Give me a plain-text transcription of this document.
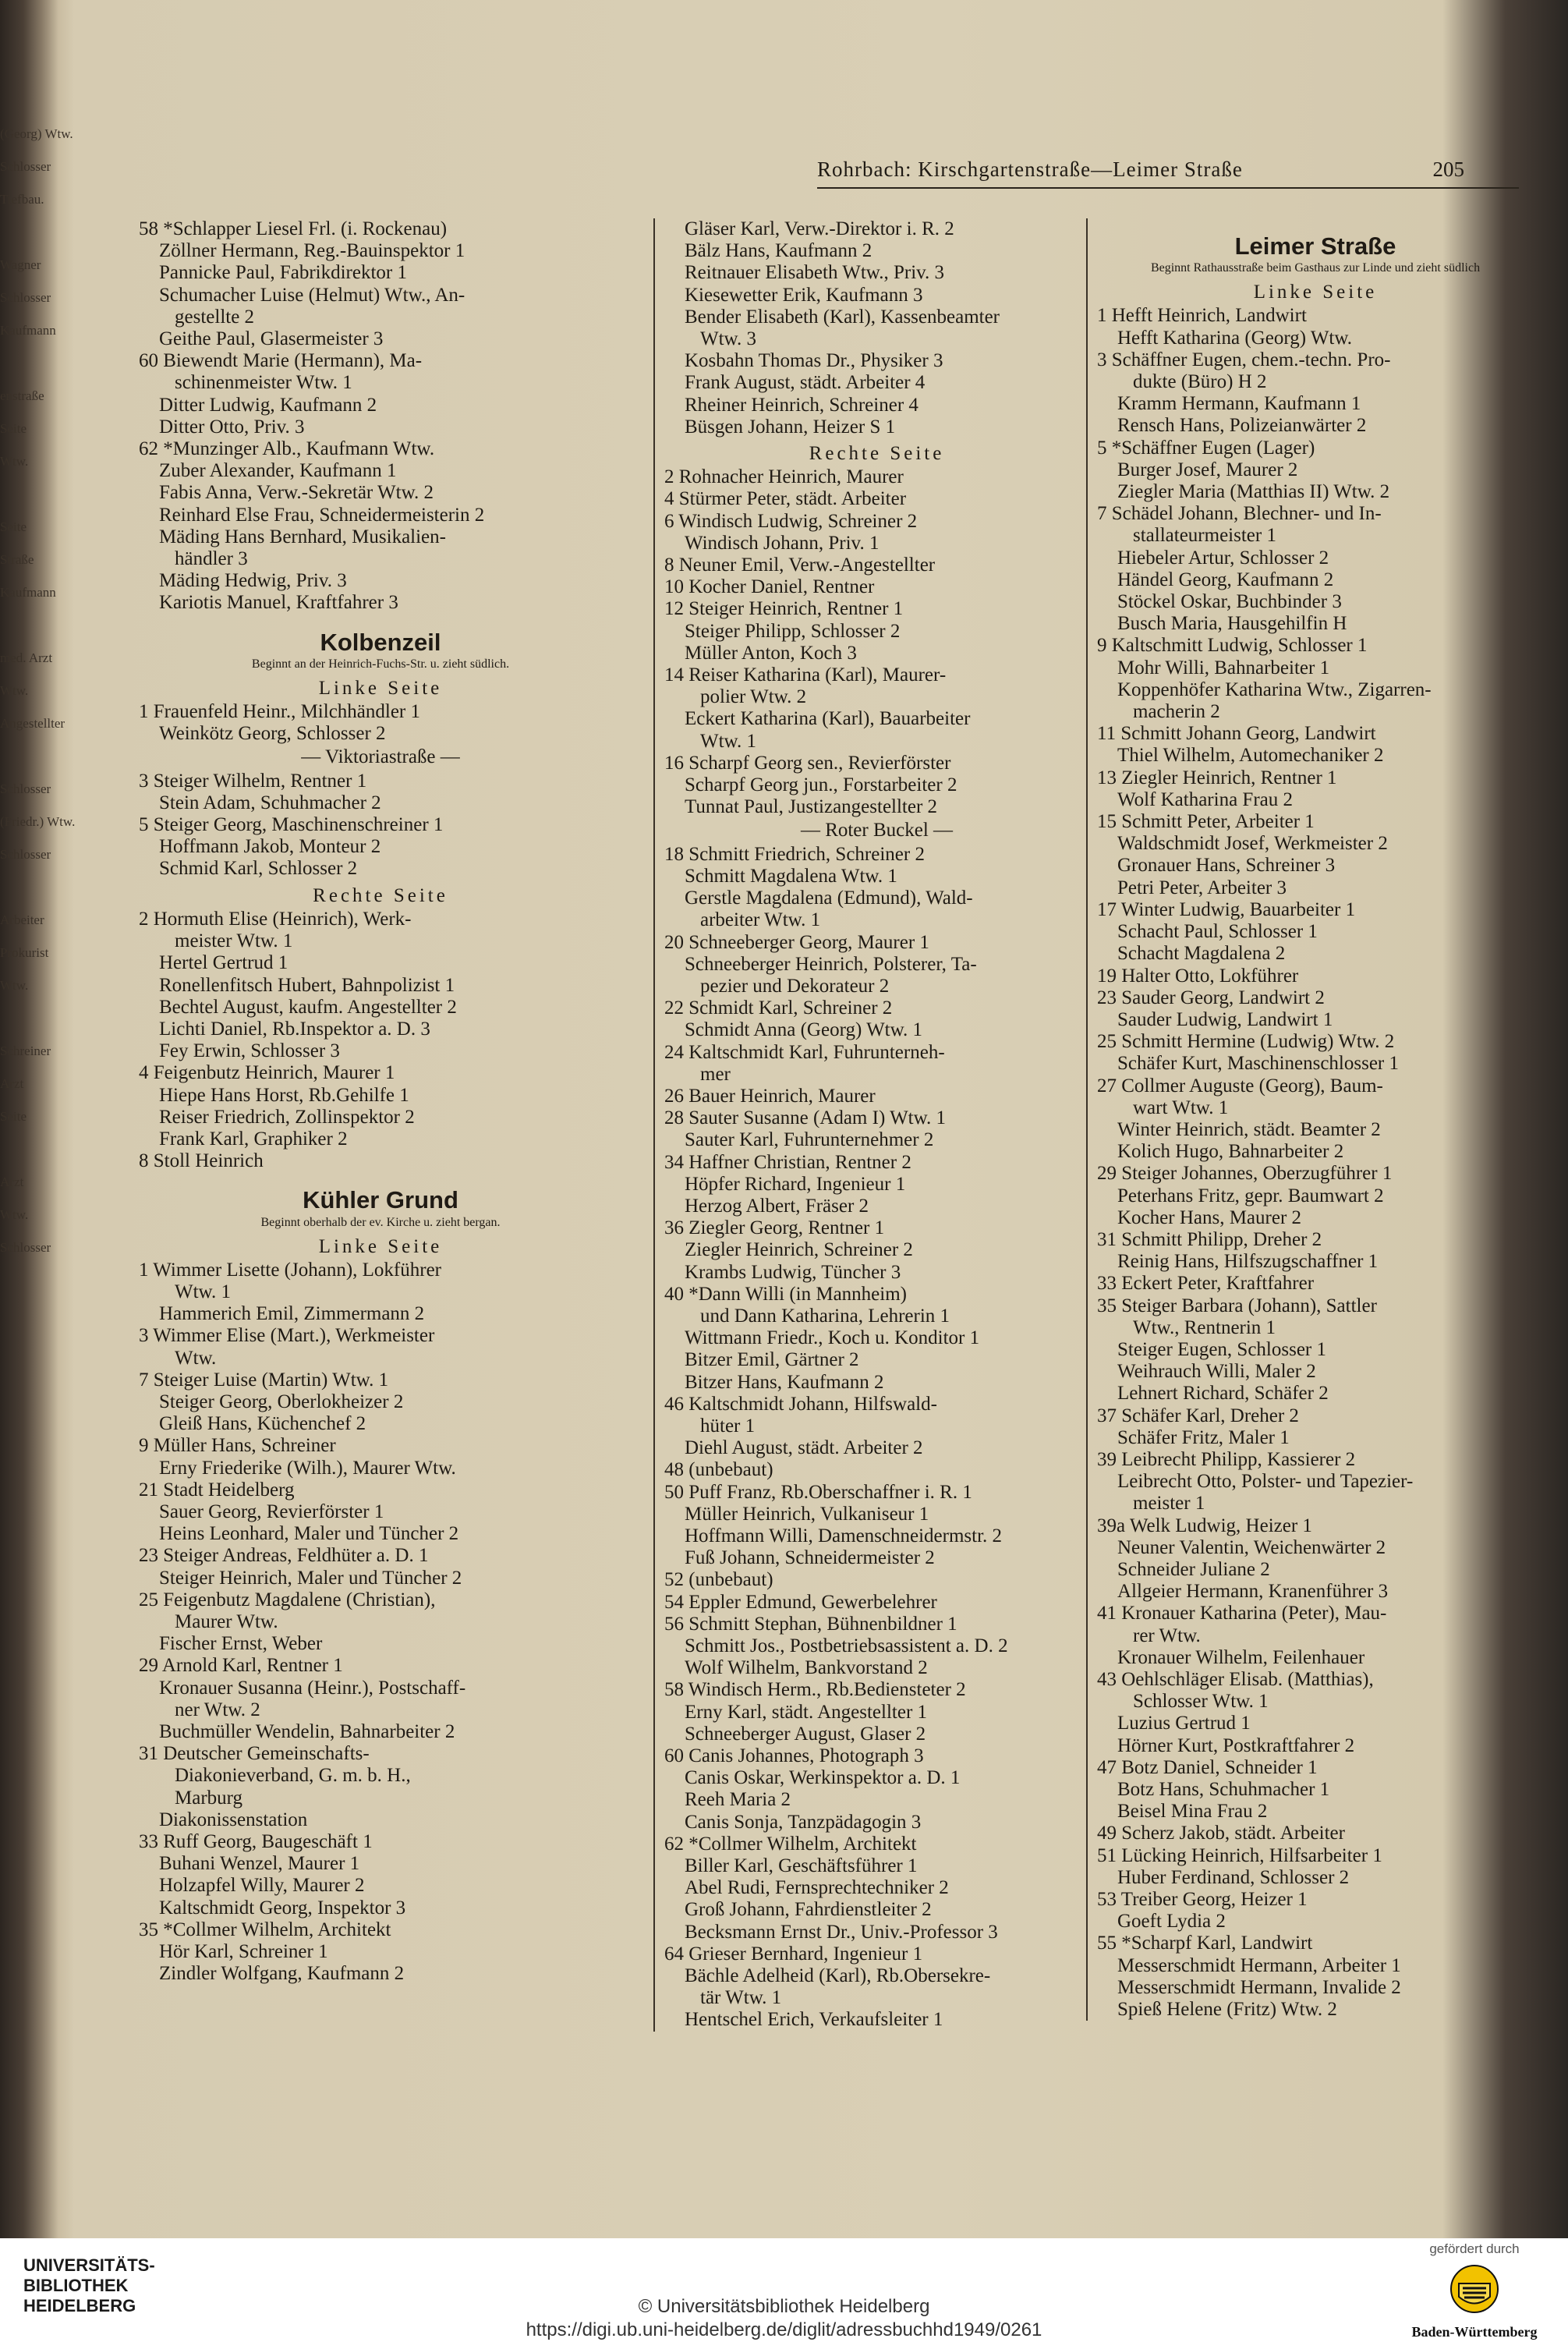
(Georg) Wtw.
Schlosser
Tiefbau.
Wagner
Schlosser
Kaufmann
enstraße
Seite
Wtw.
Seite
Straße
Kaufmann
med. Arzt
Wtw.
Angestellter
Schlosser
(Friedr.) Wtw.
Schlosser
Arbeiter
Prokurist
Wtw.
Schreiner
Arzt
Seite
Arzt
Wtw.
Schlosser
Rohrbach: Kirschgartenstraße—Leimer Straße	205
58 *Schlapper Liesel Frl. (i. Rockenau)
Zöllner Hermann, Reg.-Bauinspektor 1
Pannicke Paul, Fabrikdirektor 1
Schumacher Luise (Helmut) Wtw., An-
gestellte 2
Geithe Paul, Glasermeister 3
60 Biewendt Marie (Hermann), Ma-
schinenmeister Wtw. 1
Ditter Ludwig, Kaufmann 2
Ditter Otto, Priv. 3
62 *Munzinger Alb., Kaufmann Wtw.
Zuber Alexander, Kaufmann 1
Fabis Anna, Verw.-Sekretär Wtw. 2
Reinhard Else Frau, Schneidermeisterin 2
Mäding Hans Bernhard, Musikalien-
händler 3
Mäding Hedwig, Priv. 3
Kariotis Manuel, Kraftfahrer 3
Kolbenzeil
Beginnt an der Heinrich-Fuchs-Str. u. zieht südlich.
Linke Seite
1 Frauenfeld Heinr., Milchhändler 1
Weinkötz Georg, Schlosser 2
— Viktoriastraße —
3 Steiger Wilhelm, Rentner 1
Stein Adam, Schuhmacher 2
5 Steiger Georg, Maschinenschreiner 1
Hoffmann Jakob, Monteur 2
Schmid Karl, Schlosser 2
Rechte Seite
2 Hormuth Elise (Heinrich), Werk-
meister Wtw. 1
Hertel Gertrud 1
Ronellenfitsch Hubert, Bahnpolizist 1
Bechtel August, kaufm. Angestellter 2
Lichti Daniel, Rb.Inspektor a. D. 3
Fey Erwin, Schlosser 3
4 Feigenbutz Heinrich, Maurer 1
Hiepe Hans Horst, Rb.Gehilfe 1
Reiser Friedrich, Zollinspektor 2
Frank Karl, Graphiker 2
8 Stoll Heinrich
Kühler Grund
Beginnt oberhalb der ev. Kirche u. zieht bergan.
Linke Seite
1 Wimmer Lisette (Johann), Lokführer
Wtw. 1
Hammerich Emil, Zimmermann 2
3 Wimmer Elise (Mart.), Werkmeister
Wtw.
7 Steiger Luise (Martin) Wtw. 1
Steiger Georg, Oberlokheizer 2
Gleiß Hans, Küchenchef 2
9 Müller Hans, Schreiner
Erny Friederike (Wilh.), Maurer Wtw.
21 Stadt Heidelberg
Sauer Georg, Revierförster 1
Heins Leonhard, Maler und Tüncher 2
23 Steiger Andreas, Feldhüter a. D. 1
Steiger Heinrich, Maler und Tüncher 2
25 Feigenbutz Magdalene (Christian),
Maurer Wtw.
Fischer Ernst, Weber
29 Arnold Karl, Rentner 1
Kronauer Susanna (Heinr.), Postschaff-
ner Wtw. 2
Buchmüller Wendelin, Bahnarbeiter 2
31 Deutscher Gemeinschafts-
Diakonieverband, G. m. b. H.,
Marburg
Diakonissenstation
33 Ruff Georg, Baugeschäft 1
Buhani Wenzel, Maurer 1
Holzapfel Willy, Maurer 2
Kaltschmidt Georg, Inspektor 3
35 *Collmer Wilhelm, Architekt
Hör Karl, Schreiner 1
Zindler Wolfgang, Kaufmann 2
Gläser Karl, Verw.-Direktor i. R. 2
Bälz Hans, Kaufmann 2
Reitnauer Elisabeth Wtw., Priv. 3
Kiesewetter Erik, Kaufmann 3
Bender Elisabeth (Karl), Kassenbeamter
Wtw. 3
Kosbahn Thomas Dr., Physiker 3
Frank August, städt. Arbeiter 4
Rheiner Heinrich, Schreiner 4
Büsgen Johann, Heizer S 1
Rechte Seite
2 Rohnacher Heinrich, Maurer
4 Stürmer Peter, städt. Arbeiter
6 Windisch Ludwig, Schreiner 2
Windisch Johann, Priv. 1
8 Neuner Emil, Verw.-Angestellter
10 Kocher Daniel, Rentner
12 Steiger Heinrich, Rentner 1
Steiger Philipp, Schlosser 2
Müller Anton, Koch 3
14 Reiser Katharina (Karl), Maurer-
polier Wtw. 2
Eckert Katharina (Karl), Bauarbeiter
Wtw. 1
16 Scharpf Georg sen., Revierförster
Scharpf Georg jun., Forstarbeiter 2
Tunnat Paul, Justizangestellter 2
— Roter Buckel —
18 Schmitt Friedrich, Schreiner 2
Schmitt Magdalena Wtw. 1
Gerstle Magdalena (Edmund), Wald-
arbeiter Wtw. 1
20 Schneeberger Georg, Maurer 1
Schneeberger Heinrich, Polsterer, Ta-
pezier und Dekorateur 2
22 Schmidt Karl, Schreiner 2
Schmidt Anna (Georg) Wtw. 1
24 Kaltschmidt Karl, Fuhrunterneh-
mer
26 Bauer Heinrich, Maurer
28 Sauter Susanne (Adam I) Wtw. 1
Sauter Karl, Fuhrunternehmer 2
34 Haffner Christian, Rentner 2
Höpfer Richard, Ingenieur 1
Herzog Albert, Fräser 2
36 Ziegler Georg, Rentner 1
Ziegler Heinrich, Schreiner 2
Krambs Ludwig, Tüncher 3
40 *Dann Willi (in Mannheim)
und Dann Katharina, Lehrerin 1
Wittmann Friedr., Koch u. Konditor 1
Bitzer Emil, Gärtner 2
Bitzer Hans, Kaufmann 2
46 Kaltschmidt Johann, Hilfswald-
hüter 1
Diehl August, städt. Arbeiter 2
48 (unbebaut)
50 Puff Franz, Rb.Oberschaffner i. R. 1
Müller Heinrich, Vulkaniseur 1
Hoffmann Willi, Damenschneidermstr. 2
Fuß Johann, Schneidermeister 2
52 (unbebaut)
54 Eppler Edmund, Gewerbelehrer
56 Schmitt Stephan, Bühnenbildner 1
Schmitt Jos., Postbetriebsassistent a. D. 2
Wolf Wilhelm, Bankvorstand 2
58 Windisch Herm., Rb.Bediensteter 2
Erny Karl, städt. Angestellter 1
Schneeberger August, Glaser 2
60 Canis Johannes, Photograph 3
Canis Oskar, Werkinspektor a. D. 1
Reeh Maria 2
Canis Sonja, Tanzpädagogin 3
62 *Collmer Wilhelm, Architekt
Biller Karl, Geschäftsführer 1
Abel Rudi, Fernsprechtechniker 2
Groß Johann, Fahrdienstleiter 2
Becksmann Ernst Dr., Univ.-Professor 3
64 Grieser Bernhard, Ingenieur 1
Bächle Adelheid (Karl), Rb.Obersekre-
tär Wtw. 1
Hentschel Erich, Verkaufsleiter 1
Leimer Straße
Beginnt Rathausstraße beim Gasthaus zur Linde und zieht südlich
Linke Seite
1 Hefft Heinrich, Landwirt
Hefft Katharina (Georg) Wtw.
3 Schäffner Eugen, chem.-techn. Pro-
dukte (Büro) H 2
Kramm Hermann, Kaufmann 1
Rensch Hans, Polizeianwärter 2
5 *Schäffner Eugen (Lager)
Burger Josef, Maurer 2
Ziegler Maria (Matthias II) Wtw. 2
7 Schädel Johann, Blechner- und In-
stallateurmeister 1
Hiebeler Artur, Schlosser 2
Händel Georg, Kaufmann 2
Stöckel Oskar, Buchbinder 3
Busch Maria, Hausgehilfin H
9 Kaltschmitt Ludwig, Schlosser 1
Mohr Willi, Bahnarbeiter 1
Koppenhöfer Katharina Wtw., Zigarren-
macherin 2
11 Schmitt Johann Georg, Landwirt
Thiel Wilhelm, Automechaniker 2
13 Ziegler Heinrich, Rentner 1
Wolf Katharina Frau 2
15 Schmitt Peter, Arbeiter 1
Waldschmidt Josef, Werkmeister 2
Gronauer Hans, Schreiner 3
Petri Peter, Arbeiter 3
17 Winter Ludwig, Bauarbeiter 1
Schacht Paul, Schlosser 1
Schacht Magdalena 2
19 Halter Otto, Lokführer
23 Sauder Georg, Landwirt 2
Sauder Ludwig, Landwirt 1
25 Schmitt Hermine (Ludwig) Wtw. 2
Schäfer Kurt, Maschinenschlosser 1
27 Collmer Auguste (Georg), Baum-
wart Wtw. 1
Winter Heinrich, städt. Beamter 2
Kolich Hugo, Bahnarbeiter 2
29 Steiger Johannes, Oberzugführer 1
Peterhans Fritz, gepr. Baumwart 2
Kocher Hans, Maurer 2
31 Schmitt Philipp, Dreher 2
Reinig Hans, Hilfszugschaffner 1
33 Eckert Peter, Kraftfahrer
35 Steiger Barbara (Johann), Sattler
Wtw., Rentnerin 1
Steiger Eugen, Schlosser 1
Weihrauch Willi, Maler 2
Lehnert Richard, Schäfer 2
37 Schäfer Karl, Dreher 2
Schäfer Fritz, Maler 1
39 Leibrecht Philipp, Kassierer 2
Leibrecht Otto, Polster- und Tapezier-
meister 1
39a Welk Ludwig, Heizer 1
Neuner Valentin, Weichenwärter 2
Schneider Juliane 2
Allgeier Hermann, Kranenführer 3
41 Kronauer Katharina (Peter), Mau-
rer Wtw.
Kronauer Wilhelm, Feilenhauer
43 Oehlschläger Elisab. (Matthias),
Schlosser Wtw. 1
Luzius Gertrud 1
Hörner Kurt, Postkraftfahrer 2
47 Botz Daniel, Schneider 1
Botz Hans, Schuhmacher 1
Beisel Mina Frau 2
49 Scherz Jakob, städt. Arbeiter
51 Lücking Heinrich, Hilfsarbeiter 1
Huber Ferdinand, Schlosser 2
53 Treiber Georg, Heizer 1
Goeft Lydia 2
55 *Scharpf Karl, Landwirt
Messerschmidt Hermann, Arbeiter 1
Messerschmidt Hermann, Invalide 2
Spieß Helene (Fritz) Wtw. 2
UNIVERSITÄTS-
BIBLIOTHEK
HEIDELBERG	© Universitätsbibliothek Heidelberg
https://digi.ub.uni-heidelberg.de/diglit/adressbuchhd1949/0261
gefördert durch
Baden-Württemberg
